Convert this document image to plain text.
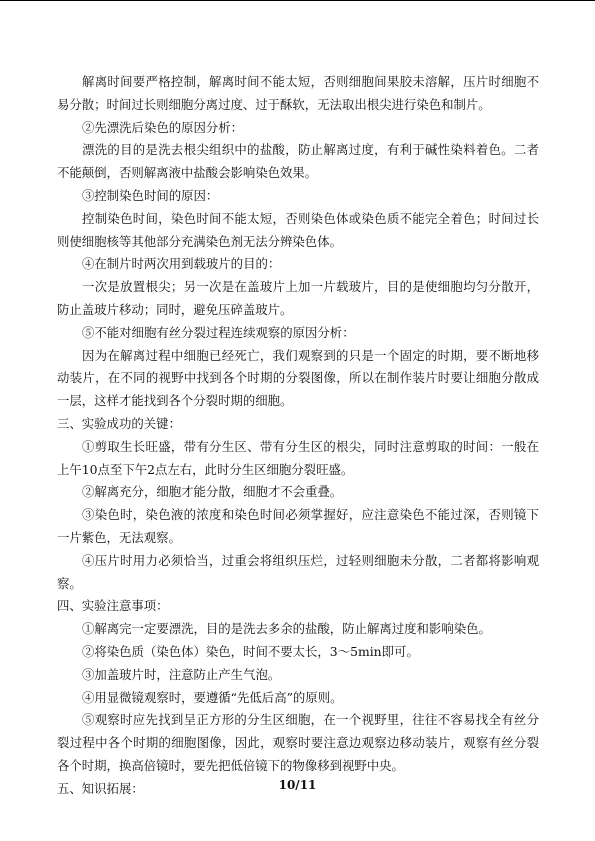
解离时间要严格控制，解离时间不能太短，否则细胞间果胶未溶解，压片时细胞不易分散；时间过长则细胞分离过度、过于酥软，无法取出根尖进行染色和制片。

②先漂洗后染色的原因分析：

漂洗的目的是洗去根尖组织中的盐酸，防止解离过度，有利于碱性染料着色。二者不能颠倒，否则解离液中盐酸会影响染色效果。

③控制染色时间的原因：

控制染色时间，染色时间不能太短，否则染色体或染色质不能完全着色；时间过长则使细胞核等其他部分充满染色剂无法分辨染色体。

④在制片时两次用到载玻片的目的：

一次是放置根尖；另一次是在盖玻片上加一片载玻片，目的是使细胞均匀分散开，防止盖玻片移动；同时，避免压碎盖玻片。

⑤不能对细胞有丝分裂过程连续观察的原因分析：

因为在解离过程中细胞已经死亡，我们观察到的只是一个固定的时期，要不断地移动装片，在不同的视野中找到各个时期的分裂图像，所以在制作装片时要让细胞分散成一层，这样才能找到各个分裂时期的细胞。

三、实验成功的关键：

①剪取生长旺盛，带有分生区、带有分生区的根尖，同时注意剪取的时间：一般在上午10点至下午2点左右，此时分生区细胞分裂旺盛。

②解离充分，细胞才能分散，细胞才不会重叠。

③染色时，染色液的浓度和染色时间必须掌握好，应注意染色不能过深，否则镜下一片紫色，无法观察。

④压片时用力必须恰当，过重会将组织压烂，过轻则细胞未分散，二者都将影响观察。

四、实验注意事项：

①解离完一定要漂洗，目的是洗去多余的盐酸，防止解离过度和影响染色。

②将染色质（染色体）染色，时间不要太长，3～5min即可。

③加盖玻片时，注意防止产生气泡。

④用显微镜观察时，要遵循“先低后高”的原则。

⑤观察时应先找到呈正方形的分生区细胞，在一个视野里，往往不容易找全有丝分裂过程中各个时期的细胞图像，因此，观察时要注意边观察边移动装片，观察有丝分裂各个时期，换高倍镜时，要先把低倍镜下的物像移到视野中央。

五、知识拓展：	10/11
